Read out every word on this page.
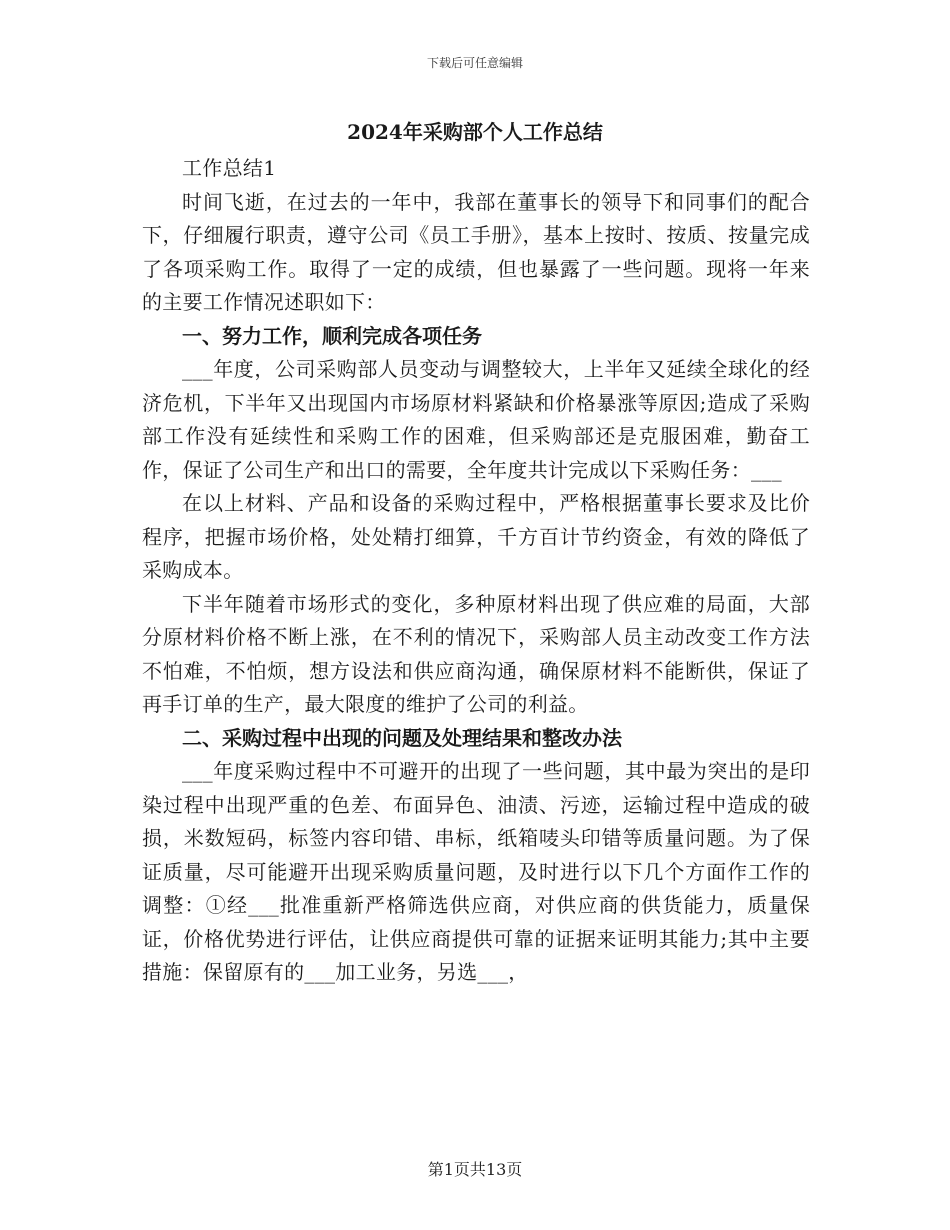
下载后可任意编辑
2024年采购部个人工作总结

工作总结1

时间飞逝，在过去的一年中，我部在董事长的领导下和同事们的配合下，仔细履行职责，遵守公司《员工手册》，基本上按时、按质、按量完成了各项采购工作。取得了一定的成绩，但也暴露了一些问题。现将一年来的主要工作情况述职如下：

一、努力工作，顺利完成各项任务

___年度，公司采购部人员变动与调整较大，上半年又延续全球化的经济危机，下半年又出现国内市场原材料紧缺和价格暴涨等原因;造成了采购部工作没有延续性和采购工作的困难，但采购部还是克服困难，勤奋工作，保证了公司生产和出口的需要，全年度共计完成以下采购任务：___

在以上材料、产品和设备的采购过程中，严格根据董事长要求及比价程序，把握市场价格，处处精打细算，千方百计节约资金，有效的降低了采购成本。

下半年随着市场形式的变化，多种原材料出现了供应难的局面，大部分原材料价格不断上涨，在不利的情况下，采购部人员主动改变工作方法不怕难，不怕烦，想方设法和供应商沟通，确保原材料不能断供，保证了再手订单的生产，最大限度的维护了公司的利益。

二、采购过程中出现的问题及处理结果和整改办法

___年度采购过程中不可避开的出现了一些问题，其中最为突出的是印染过程中出现严重的色差、布面异色、油渍、污迹，运输过程中造成的破损，米数短码，标签内容印错、串标，纸箱唛头印错等质量问题。为了保证质量，尽可能避开出现采购质量问题，及时进行以下几个方面作工作的调整：①经___批准重新严格筛选供应商，对供应商的供货能力，质量保证，价格优势进行评估，让供应商提供可靠的证据来证明其能力;其中主要措施：保留原有的___加工业务，另选___，

第1页共13页
